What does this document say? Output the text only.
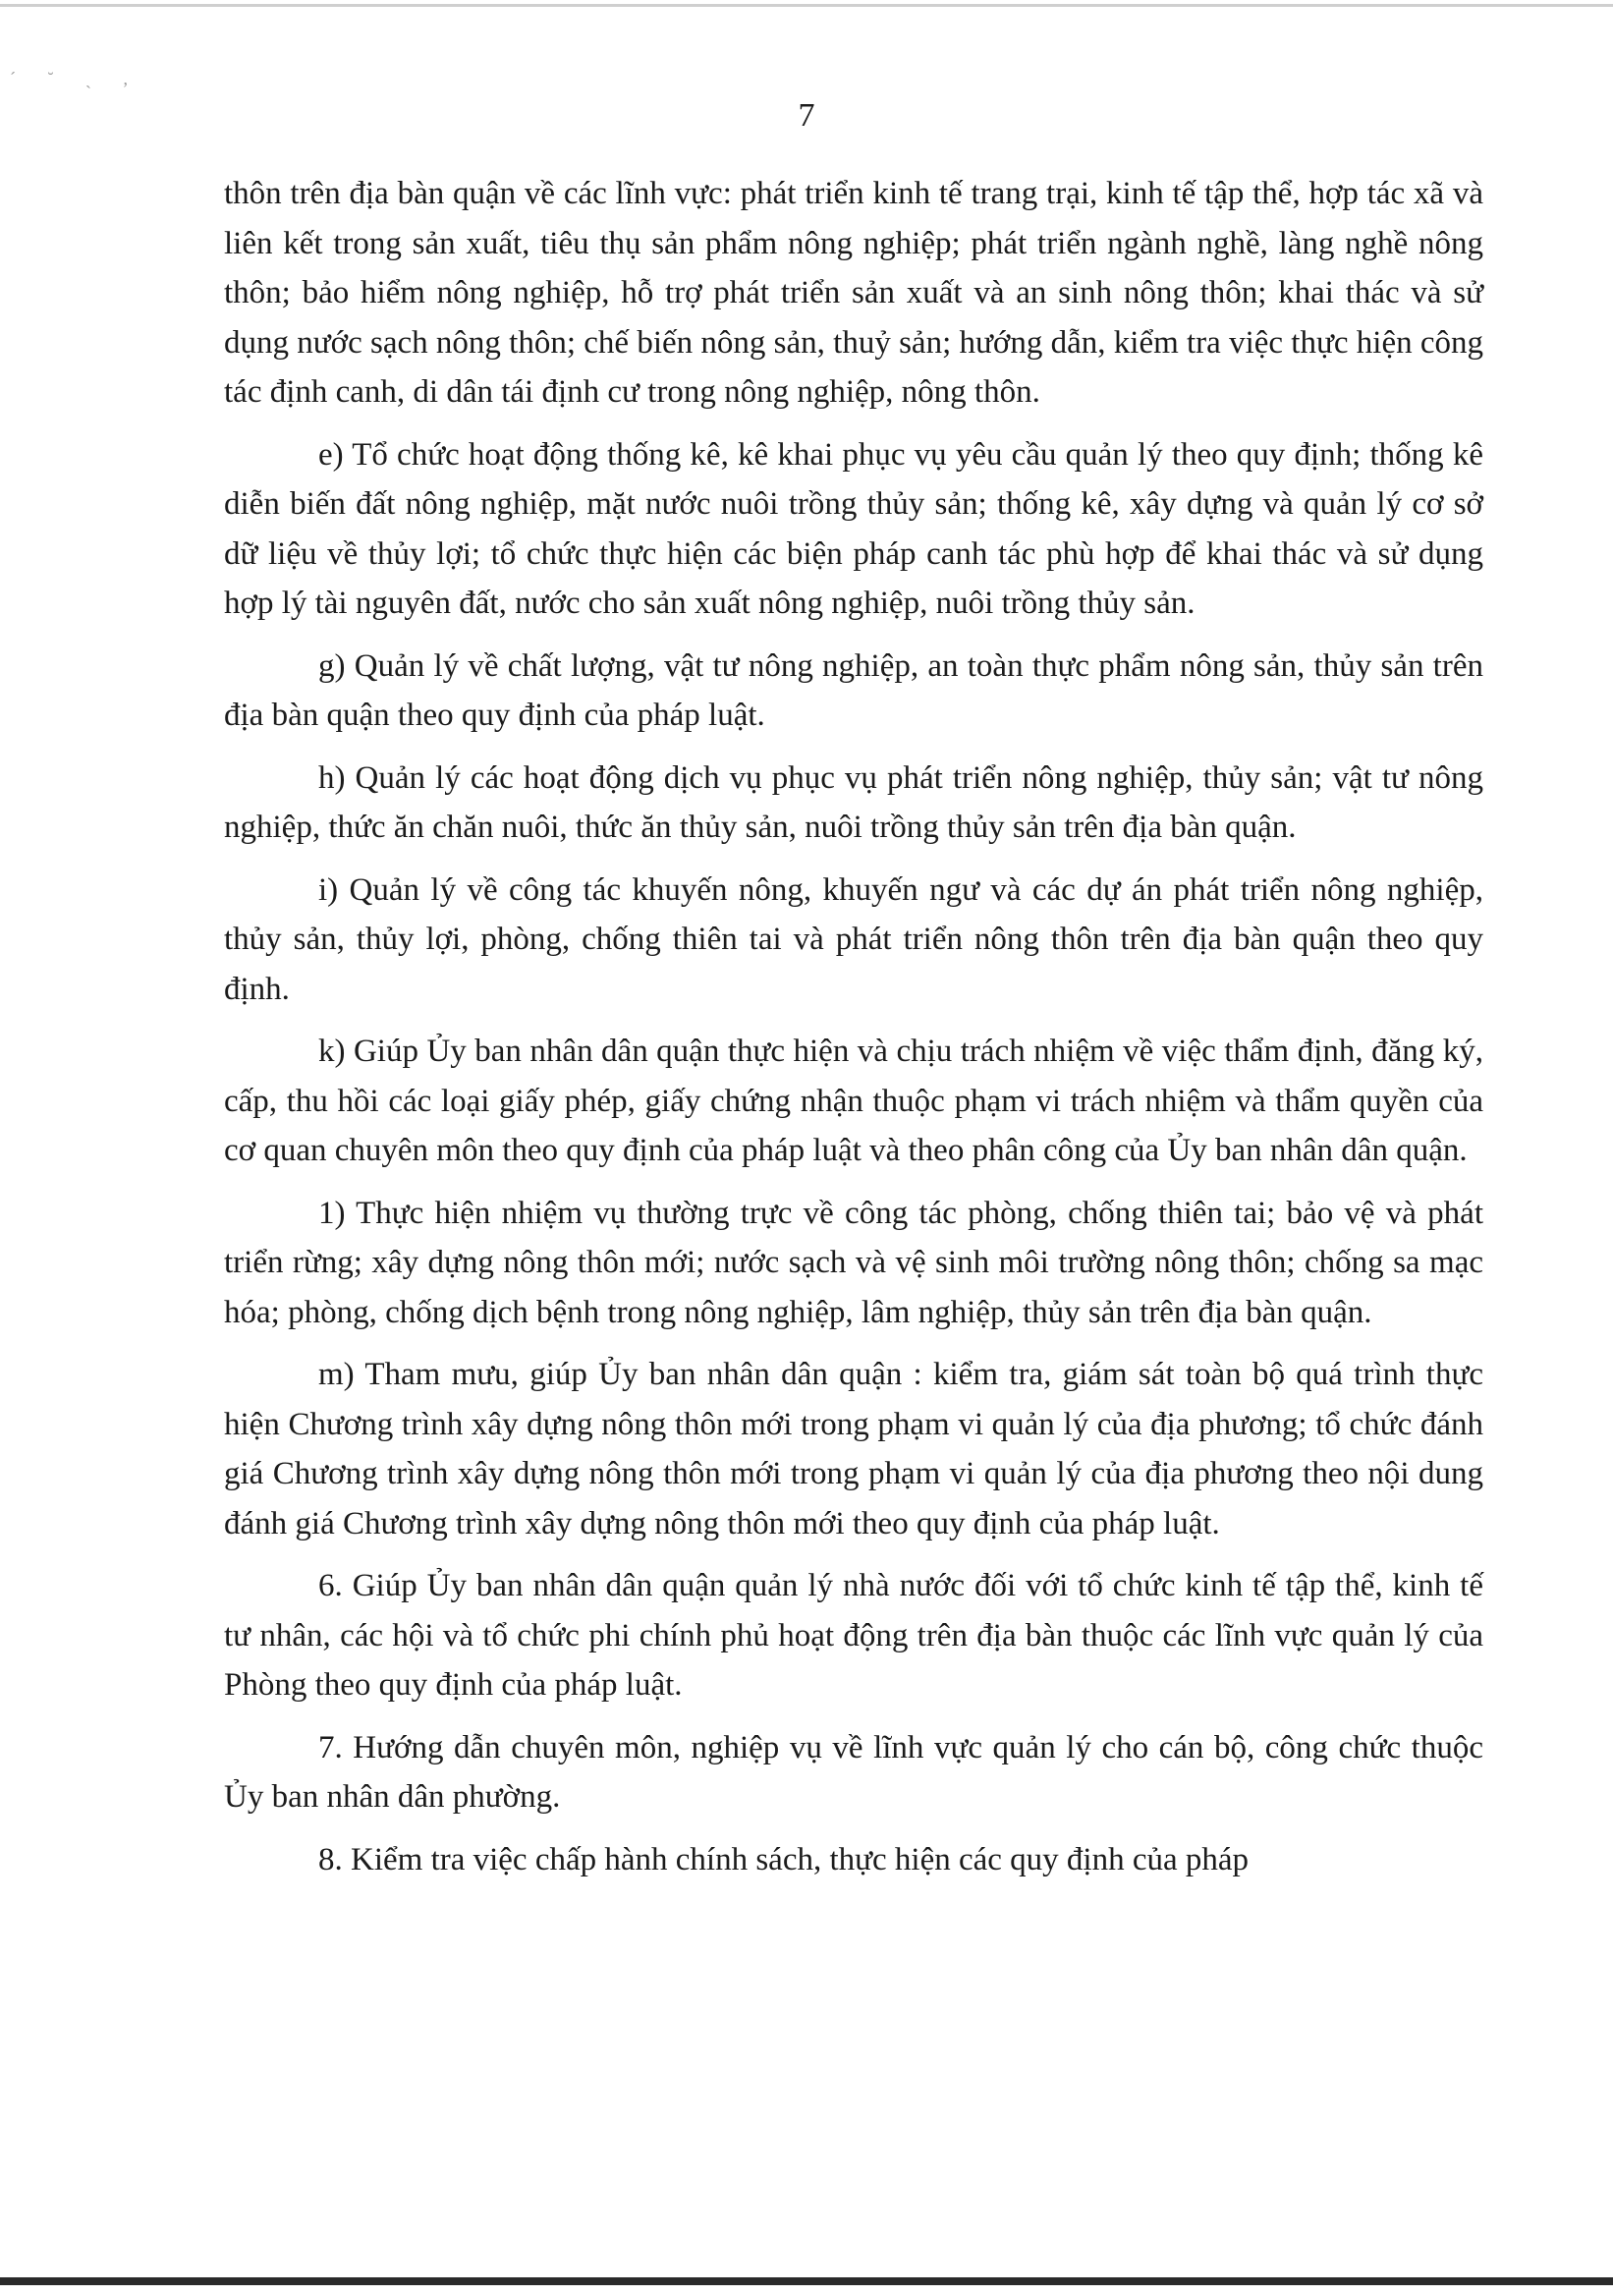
´ ˘ ˏ ,
7

thôn trên địa bàn quận về các lĩnh vực: phát triển kinh tế trang trại, kinh tế tập thể, hợp tác xã và liên kết trong sản xuất, tiêu thụ sản phẩm nông nghiệp; phát triển ngành nghề, làng nghề nông thôn; bảo hiểm nông nghiệp, hỗ trợ phát triển sản xuất và an sinh nông thôn; khai thác và sử dụng nước sạch nông thôn; chế biến nông sản, thuỷ sản; hướng dẫn, kiểm tra việc thực hiện công tác định canh, di dân tái định cư trong nông nghiệp, nông thôn.

e) Tổ chức hoạt động thống kê, kê khai phục vụ yêu cầu quản lý theo quy định; thống kê diễn biến đất nông nghiệp, mặt nước nuôi trồng thủy sản; thống kê, xây dựng và quản lý cơ sở dữ liệu về thủy lợi; tổ chức thực hiện các biện pháp canh tác phù hợp để khai thác và sử dụng hợp lý tài nguyên đất, nước cho sản xuất nông nghiệp, nuôi trồng thủy sản.

g) Quản lý về chất lượng, vật tư nông nghiệp, an toàn thực phẩm nông sản, thủy sản trên địa bàn quận theo quy định của pháp luật.

h) Quản lý các hoạt động dịch vụ phục vụ phát triển nông nghiệp, thủy sản; vật tư nông nghiệp, thức ăn chăn nuôi, thức ăn thủy sản, nuôi trồng thủy sản trên địa bàn quận.

i) Quản lý về công tác khuyến nông, khuyến ngư và các dự án phát triển nông nghiệp, thủy sản, thủy lợi, phòng, chống thiên tai và phát triển nông thôn trên địa bàn quận theo quy định.

k) Giúp Ủy ban nhân dân quận thực hiện và chịu trách nhiệm về việc thẩm định, đăng ký, cấp, thu hồi các loại giấy phép, giấy chứng nhận thuộc phạm vi trách nhiệm và thẩm quyền của cơ quan chuyên môn theo quy định của pháp luật và theo phân công của Ủy ban nhân dân quận.

1) Thực hiện nhiệm vụ thường trực về công tác phòng, chống thiên tai; bảo vệ và phát triển rừng; xây dựng nông thôn mới; nước sạch và vệ sinh môi trường nông thôn; chống sa mạc hóa; phòng, chống dịch bệnh trong nông nghiệp, lâm nghiệp, thủy sản trên địa bàn quận.

m) Tham mưu, giúp Ủy ban nhân dân quận : kiểm tra, giám sát toàn bộ quá trình thực hiện Chương trình xây dựng nông thôn mới trong phạm vi quản lý của địa phương; tổ chức đánh giá Chương trình xây dựng nông thôn mới trong phạm vi quản lý của địa phương theo nội dung đánh giá Chương trình xây dựng nông thôn mới theo quy định của pháp luật.

6. Giúp Ủy ban nhân dân quận quản lý nhà nước đối với tổ chức kinh tế tập thể, kinh tế tư nhân, các hội và tổ chức phi chính phủ hoạt động trên địa bàn thuộc các lĩnh vực quản lý của Phòng theo quy định của pháp luật.

7. Hướng dẫn chuyên môn, nghiệp vụ về lĩnh vực quản lý cho cán bộ, công chức thuộc Ủy ban nhân dân phường.

8. Kiểm tra việc chấp hành chính sách, thực hiện các quy định của pháp
